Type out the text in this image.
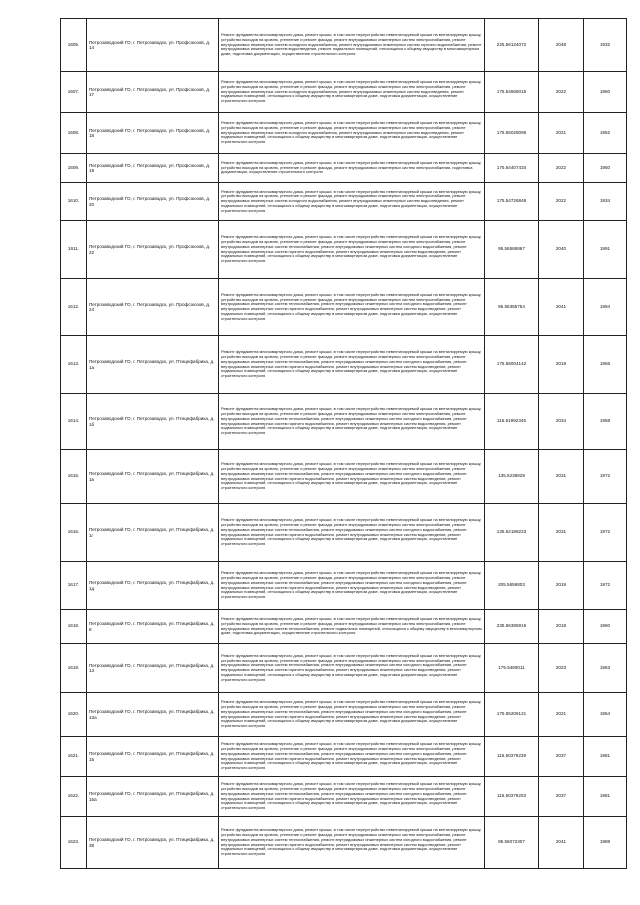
1605.	Петрозаводский ГО, г. Петрозаводск, ул. Профсоюзов, д. 14	Ремонт фундамента многоквартирного дома, ремонт крыши, в том числе переустройство невентилируемой крыши на вентилируемую крышу, устройство выходов на кровлю, утепление и ремонт фасада, ремонт внутридомовых инженерных систем электроснабжения, ремонт внутридомовых инженерных систем холодного водоснабжения, ремонт внутридомовых инженерных систем горячего водоснабжения, ремонт внутридомовых инженерных систем водоотведения, ремонт подвальных помещений, относящихся к общему имуществу в многоквартирном доме, подготовка документации, осуществление строительного контроля	225.56124072	2048	1932
1607.	Петрозаводский ГО, г. Петрозаводск, ул. Профсоюзов, д. 17	Ремонт фундамента многоквартирного дома, ремонт крыши, в том числе переустройство невентилируемой крыши на вентилируемую крышу, устройство выходов на кровлю, утепление и ремонт фасада, ремонт внутридомовых инженерных систем электроснабжения, ремонт внутридомовых инженерных систем холодного водоснабжения, ремонт внутридомовых инженерных систем водоотведения, ремонт подвальных помещений, относящихся к общему имуществу в многоквартирном доме, подготовка документации, осуществление строительного контроля	175.54668015	2022	1950
1608.	Петрозаводский ГО, г. Петрозаводск, ул. Профсоюзов, д. 18	Ремонт фундамента многоквартирного дома, ремонт крыши, в том числе переустройство невентилируемой крыши на вентилируемую крышу, устройство выходов на кровлю, утепление и ремонт фасада, ремонт внутридомовых инженерных систем электроснабжения, ремонт внутридомовых инженерных систем холодного водоснабжения, ремонт внутридомовых инженерных систем водоотведения, ремонт подвальных помещений, относящихся к общему имуществу в многоквартирном доме, подготовка документации, осуществление строительного контроля	175.55028096	2021	1952
1609.	Петрозаводский ГО, г. Петрозаводск, ул. Профсоюзов, д. 19	Ремонт фундамента многоквартирного дома, ремонт крыши, в том числе переустройство невентилируемой крыши на вентилируемую крышу, устройство выходов на кровлю, утепление и ремонт фасада, ремонт внутридомовых инженерных систем электроснабжения, подготовка документации, осуществление строительного контроля	175.54407434	2022	1950
1610.	Петрозаводский ГО, г. Петрозаводск, ул. Профсоюзов, д. 20	Ремонт фундамента многоквартирного дома, ремонт крыши, в том числе переустройство невентилируемой крыши на вентилируемую крышу, устройство выходов на кровлю, утепление и ремонт фасада, ремонт внутридомовых инженерных систем электроснабжения, ремонт внутридомовых инженерных систем холодного водоснабжения, ремонт внутридомовых инженерных систем водоотведения, ремонт подвальных помещений, относящихся к общему имуществу в многоквартирном доме, подготовка документации, осуществление строительного контроля	175.54726848	2022	1934
1611.	Петрозаводский ГО, г. Петрозаводск, ул. Профсоюзов, д. 22	Ремонт фундамента многоквартирного дома, ремонт крыши, в том числе переустройство невентилируемой крыши на вентилируемую крышу, устройство выходов на кровлю, утепление и ремонт фасада, ремонт внутридомовых инженерных систем электроснабжения, ремонт внутридомовых инженерных систем теплоснабжения, ремонт внутридомовых инженерных систем холодного водоснабжения, ремонт внутридомовых инженерных систем горячего водоснабжения, ремонт внутридомовых инженерных систем водоотведения, ремонт подвальных помещений, относящихся к общему имуществу в многоквартирном доме, подготовка документации, осуществление строительного контроля	95.56568867	2040	1991
1612.	Петрозаводский ГО, г. Петрозаводск, ул. Профсоюзов, д. 24	Ремонт фундамента многоквартирного дома, ремонт крыши, в том числе переустройство невентилируемой крыши на вентилируемую крышу, устройство выходов на кровлю, утепление и ремонт фасада, ремонт внутридомовых инженерных систем электроснабжения, ремонт внутридомовых инженерных систем теплоснабжения, ремонт внутридомовых инженерных систем холодного водоснабжения, ремонт внутридомовых инженерных систем горячего водоснабжения, ремонт внутридомовых инженерных систем водоотведения, ремонт подвальных помещений, относящихся к общему имуществу в многоквартирном доме, подготовка документации, осуществление строительного контроля	95.56365754	2041	1994
1613.	Петрозаводский ГО, г. Петрозаводск, ул. Птицефабрика, д. 1а	Ремонт фундамента многоквартирного дома, ремонт крыши, в том числе переустройство невентилируемой крыши на вентилируемую крышу, устройство выходов на кровлю, утепление и ремонт фасада, ремонт внутридомовых инженерных систем электроснабжения, ремонт внутридомовых инженерных систем теплоснабжения, ремонт внутридомовых инженерных систем холодного водоснабжения, ремонт внутридомовых инженерных систем горячего водоснабжения, ремонт внутридомовых инженерных систем водоотведения, ремонт подвальных помещений, относящихся к общему имуществу в многоквартирном доме, подготовка документации, осуществление строительного контроля	175.56004142	2019	1956
1614.	Петрозаводский ГО, г. Петрозаводск, ул. Птицефабрика, д. 1б	Ремонт фундамента многоквартирного дома, ремонт крыши, в том числе переустройство невентилируемой крыши на вентилируемую крышу, устройство выходов на кровлю, утепление и ремонт фасада, ремонт внутридомовых инженерных систем электроснабжения, ремонт внутридомовых инженерных систем теплоснабжения, ремонт внутридомовых инженерных систем холодного водоснабжения, ремонт внутридомовых инженерных систем горячего водоснабжения, ремонт внутридомовых инженерных систем водоотведения, ремонт подвальных помещений, относящихся к общему имуществу в многоквартирном доме, подготовка документации, осуществление строительного контроля	115.51992345	2034	1968
1615.	Петрозаводский ГО, г. Петрозаводск, ул. Птицефабрика, д. 1в	Ремонт фундамента многоквартирного дома, ремонт крыши, в том числе переустройство невентилируемой крыши на вентилируемую крышу, устройство выходов на кровлю, утепление и ремонт фасада, ремонт внутридомовых инженерных систем электроснабжения, ремонт внутридомовых инженерных систем теплоснабжения, ремонт внутридомовых инженерных систем холодного водоснабжения, ремонт внутридомовых инженерных систем горячего водоснабжения, ремонт внутридомовых инженерных систем водоотведения, ремонт подвальных помещений, относящихся к общему имуществу в многоквартирном доме, подготовка документации, осуществление строительного контроля	135.5238829	2031	1972
1616.	Петрозаводский ГО, г. Петрозаводск, ул. Птицефабрика, д. 1г	Ремонт фундамента многоквартирного дома, ремонт крыши, в том числе переустройство невентилируемой крыши на вентилируемую крышу, устройство выходов на кровлю, утепление и ремонт фасада, ремонт внутридомовых инженерных систем электроснабжения, ремонт внутридомовых инженерных систем теплоснабжения, ремонт внутридомовых инженерных систем холодного водоснабжения, ремонт внутридомовых инженерных систем горячего водоснабжения, ремонт внутридомовых инженерных систем водоотведения, ремонт подвальных помещений, относящихся к общему имуществу в многоквартирном доме, подготовка документации, осуществление строительного контроля	135.52188223	2031	1972
1617.	Петрозаводский ГО, г. Петрозаводск, ул. Птицефабрика, д. 1д	Ремонт фундамента многоквартирного дома, ремонт крыши, в том числе переустройство невентилируемой крыши на вентилируемую крышу, устройство выходов на кровлю, утепление и ремонт фасада, ремонт внутридомовых инженерных систем электроснабжения, ремонт внутридомовых инженерных систем теплоснабжения, ремонт внутридомовых инженерных систем холодного водоснабжения, ремонт внутридомовых инженерных систем горячего водоснабжения, ремонт внутридомовых инженерных систем водоотведения, ремонт подвальных помещений, относящихся к общему имуществу в многоквартирном доме, подготовка документации, осуществление строительного контроля	205.5659803	2019	1972
1618.	Петрозаводский ГО, г. Петрозаводск, ул. Птицефабрика, д. 8	Ремонт фундамента многоквартирного дома, ремонт крыши, в том числе переустройство невентилируемой крыши на вентилируемую крышу, устройство выходов на кровлю, утепление и ремонт фасада, ремонт внутридомовых инженерных систем электроснабжения, ремонт внутридомовых инженерных систем теплоснабжения, ремонт подвальных помещений, относящихся к общему имуществу в многоквартирном доме, подготовка документации, осуществление строительного контроля	235.56385916	2018	1960
1619.	Петрозаводский ГО, г. Петрозаводск, ул. Птицефабрика, д. 13	Ремонт фундамента многоквартирного дома, ремонт крыши, в том числе переустройство невентилируемой крыши на вентилируемую крышу, устройство выходов на кровлю, утепление и ремонт фасада, ремонт внутридомовых инженерных систем электроснабжения, ремонт внутридомовых инженерных систем теплоснабжения, ремонт внутридомовых инженерных систем холодного водоснабжения, ремонт внутридомовых инженерных систем горячего водоснабжения, ремонт внутридомовых инженерных систем водоотведения, ремонт подвальных помещений, относящихся к общему имуществу в многоквартирном доме, подготовка документации, осуществление строительного контроля	175.5469011	2023	1963
1620.	Петрозаводский ГО, г. Петрозаводск, ул. Птицефабрика, д. 13а	Ремонт фундамента многоквартирного дома, ремонт крыши, в том числе переустройство невентилируемой крыши на вентилируемую крышу, устройство выходов на кровлю, утепление и ремонт фасада, ремонт внутридомовых инженерных систем электроснабжения, ремонт внутридомовых инженерных систем теплоснабжения, ремонт внутридомовых инженерных систем холодного водоснабжения, ремонт внутридомовых инженерных систем горячего водоснабжения, ремонт внутридомовых инженерных систем водоотведения, ремонт подвальных помещений, относящихся к общему имуществу в многоквартирном доме, подготовка документации, осуществление строительного контроля	175.55206121	2021	1954
1621.	Петрозаводский ГО, г. Петрозаводск, ул. Птицефабрика, д. 15	Ремонт фундамента многоквартирного дома, ремонт крыши, в том числе переустройство невентилируемой крыши на вентилируемую крышу, устройство выходов на кровлю, утепление и ремонт фасада, ремонт внутридомовых инженерных систем электроснабжения, ремонт внутридомовых инженерных систем теплоснабжения, ремонт внутридомовых инженерных систем холодного водоснабжения, ремонт внутридомовых инженерных систем горячего водоснабжения, ремонт внутридомовых инженерных систем водоотведения, ремонт подвальных помещений, относящихся к общему имуществу в многоквартирном доме, подготовка документации, осуществление строительного контроля	115.50379239	2037	1981
1622.	Петрозаводский ГО, г. Петрозаводск, ул. Птицефабрика, д. 15а	Ремонт фундамента многоквартирного дома, ремонт крыши, в том числе переустройство невентилируемой крыши на вентилируемую крышу, устройство выходов на кровлю, утепление и ремонт фасада, ремонт внутридомовых инженерных систем электроснабжения, ремонт внутридомовых инженерных систем теплоснабжения, ремонт внутридомовых инженерных систем холодного водоснабжения, ремонт внутридомовых инженерных систем горячего водоснабжения, ремонт внутридомовых инженерных систем водоотведения, ремонт подвальных помещений, относящихся к общему имуществу в многоквартирном доме, подготовка документации, осуществление строительного контроля	115.50379203	2037	1981
1623.	Петрозаводский ГО, г. Петрозаводск, ул. Птицефабрика, д. 38	Ремонт фундамента многоквартирного дома, ремонт крыши, в том числе переустройство невентилируемой крыши на вентилируемую крышу, устройство выходов на кровлю, утепление и ремонт фасада, ремонт внутридомовых инженерных систем электроснабжения, ремонт внутридомовых инженерных систем теплоснабжения, ремонт внутридомовых инженерных систем холодного водоснабжения, ремонт внутридомовых инженерных систем горячего водоснабжения, ремонт внутридомовых инженерных систем водоотведения, ремонт подвальных помещений, относящихся к общему имуществу в многоквартирном доме, подготовка документации, осуществление строительного контроля	95.56072307	2041	1988
